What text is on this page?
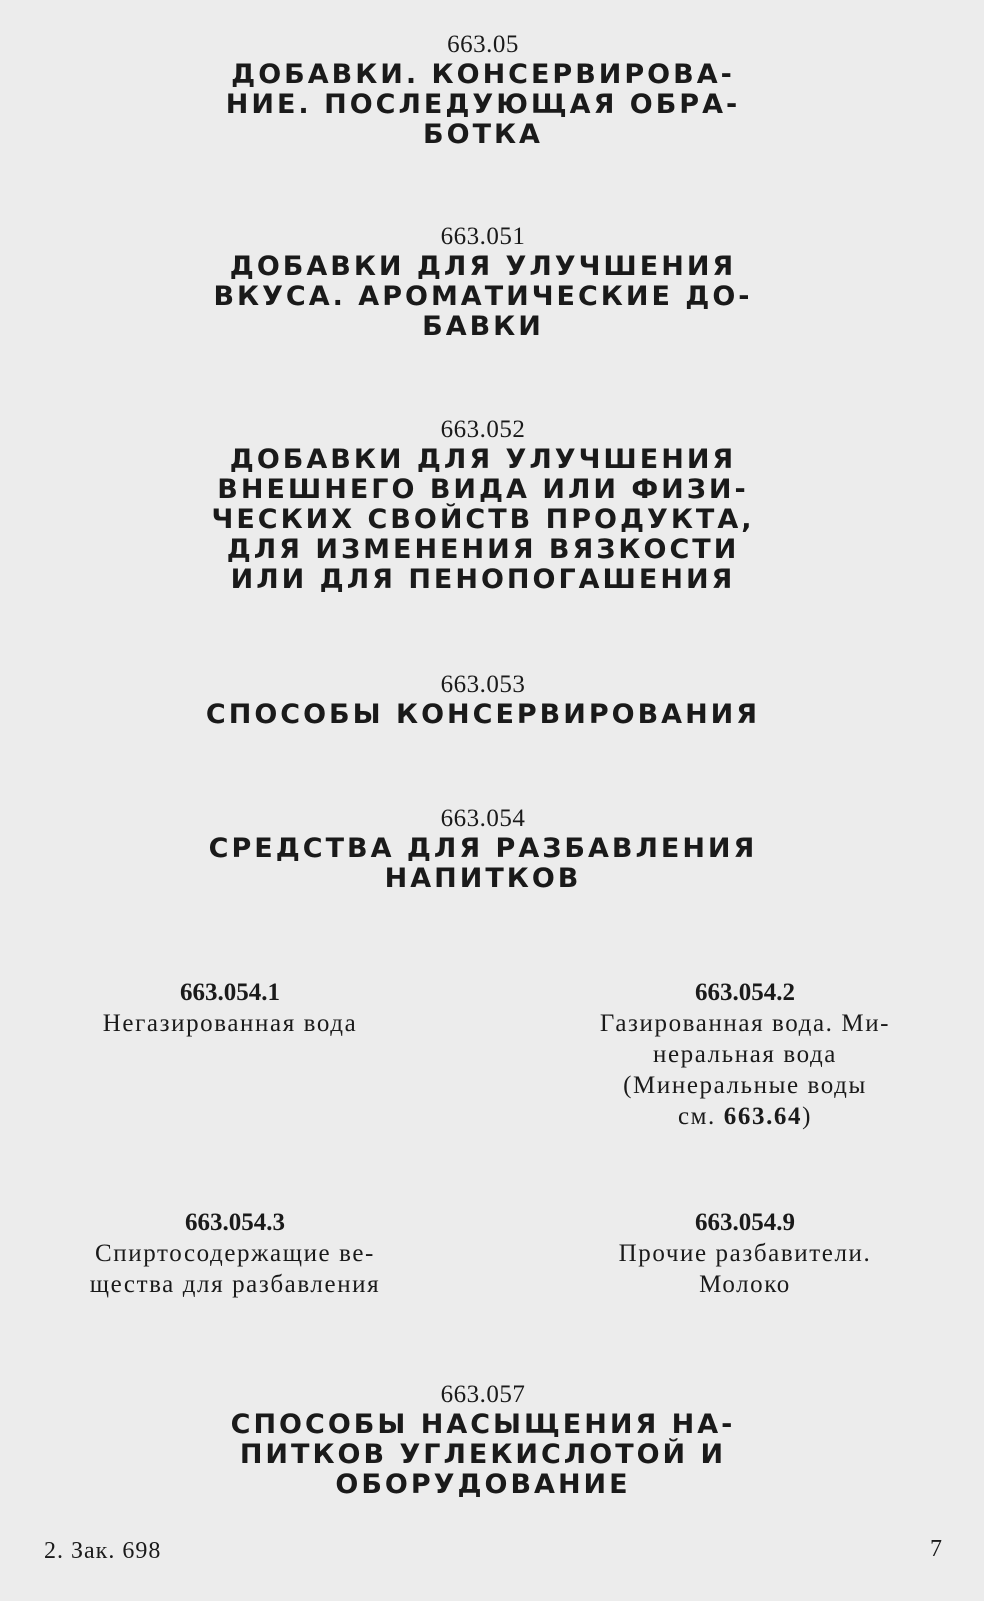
663.05
ДОБАВКИ. КОНСЕРВИРОВА-
НИЕ. ПОСЛЕДУЮЩАЯ ОБРА-
БОТКА
663.051
ДОБАВКИ ДЛЯ УЛУЧШЕНИЯ
ВКУСА. АРОМАТИЧЕСКИЕ ДО-
БАВКИ
663.052
ДОБАВКИ ДЛЯ УЛУЧШЕНИЯ
ВНЕШНЕГО ВИДА ИЛИ ФИЗИ-
ЧЕСКИХ СВОЙСТВ ПРОДУКТА,
ДЛЯ ИЗМЕНЕНИЯ ВЯЗКОСТИ
ИЛИ ДЛЯ ПЕНОПОГАШЕНИЯ
663.053
СПОСОБЫ КОНСЕРВИРОВАНИЯ
663.054
СРЕДСТВА ДЛЯ РАЗБАВЛЕНИЯ
НАПИТКОВ
663.054.1
Негазированная вода
663.054.2
Газированная вода. Ми-
неральная вода
(Минеральные воды
см. 663.64)
663.054.3
Спиртосодержащие ве-
щества для разбавления
663.054.9
Прочие разбавители.
Молоко
663.057
СПОСОБЫ НАСЫЩЕНИЯ НА-
ПИТКОВ УГЛЕКИСЛОТОЙ И
ОБОРУДОВАНИЕ
2. Зак. 698	7
